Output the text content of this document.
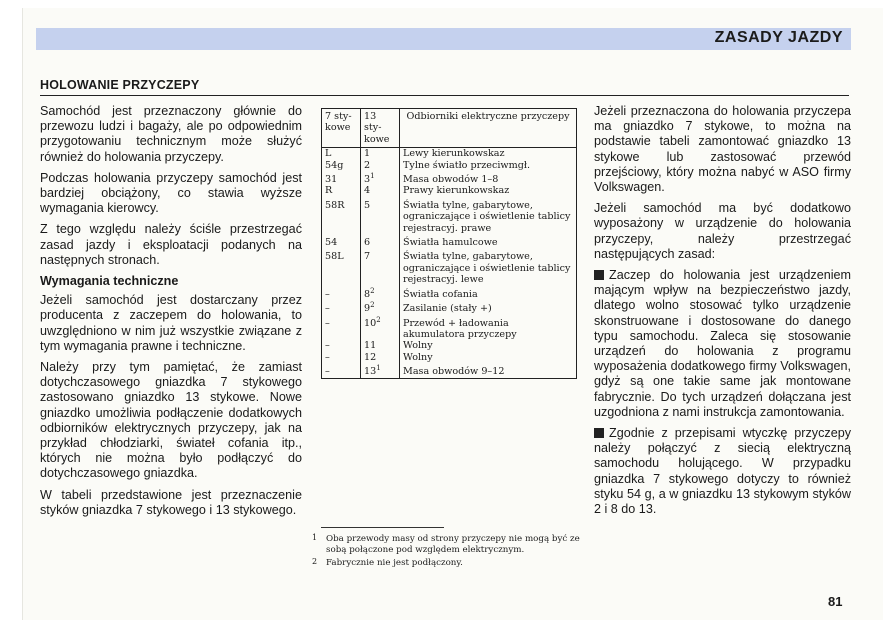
ZASADY JAZDY
HOLOWANIE PRZYCZEPY

Samochód jest przeznaczony głównie do przewozu ludzi i bagaży, ale po odpowiednim przygotowaniu technicznym może służyć również do holowania przyczepy.

Podczas holowania przyczepy samochód jest bardziej obciążony, co stawia wyższe wymagania kierowcy.

Z tego względu należy ściśle przestrzegać zasad jazdy i eksploatacji podanych na następnych stronach.

Wymagania techniczne

Jeżeli samochód jest dostarczany przez producenta z zaczepem do holowania, to uwzględniono w nim już wszystkie związane z tym wymagania prawne i techniczne.

Należy przy tym pamiętać, że zamiast dotychczasowego gniazdka 7 stykowego zastosowano gniazdko 13 stykowe. Nowe gniazdko umożliwia podłączenie dodatkowych odbiorników elektrycznych przyczepy, jak na przykład chłodziarki, świateł cofania itp., których nie można było podłączyć do dotychczasowego gniazdka.

W tabeli przedstawione jest przeznaczenie styków gniazdka 7 stykowego i 13 stykowego.

7 sty-kowe	13 sty-kowe	Odbiorniki elektryczne przyczepy
L	1	Lewy kierunkowskaz
54g	2	Tylne światło przeciwmgł.
31	$3^1$	Masa obwodów 1–8
R	4	Prawy kierunkowskaz
58R	5	Światła tylne, gabarytowe, ograniczające i oświetlenie tablicy rejestracyj. prawe
54	6	Światła hamulcowe
58L	7	Światła tylne, gabarytowe, ograniczające i oświetlenie tablicy rejestracyj. lewe
–	$8^2$	Światła cofania
–	$9^2$	Zasilanie (stały +)
–	$10^2$	Przewód + ładowania akumulatora przyczepy
–	11	Wolny
–	12	Wolny
–	$13^1$	Masa obwodów 9–12
1 Oba przewody masy od strony przyczepy nie mogą być ze sobą połączone pod względem elektrycznym.
2 Fabrycznie nie jest podłączony.

Jeżeli przeznaczona do holowania przyczepa ma gniazdko 7 stykowe, to można na podstawie tabeli zamontować gniazdko 13 stykowe lub zastosować przewód przejściowy, który można nabyć w ASO firmy Volkswagen.

Jeżeli samochód ma być dodatkowo wyposażony w urządzenie do holowania przyczepy, należy przestrzegać następujących zasad:

Zaczep do holowania jest urządzeniem mającym wpływ na bezpieczeństwo jazdy, dlatego wolno stosować tylko urządzenie skonstruowane i dostosowane do danego typu samochodu. Zaleca się stosowanie urządzeń do holowania z programu wyposażenia dodatkowego firmy Volkswagen, gdyż są one takie same jak montowane fabrycznie. Do tych urządzeń dołączana jest uzgodniona z nami instrukcja zamontowania.

Zgodnie z przepisami wtyczkę przyczepy należy połączyć z siecią elektryczną samochodu holującego. W przypadku gniazdka 7 stykowego dotyczy to również styku 54 g, a w gniazdku 13 stykowym styków 2 i 8 do 13.

81
